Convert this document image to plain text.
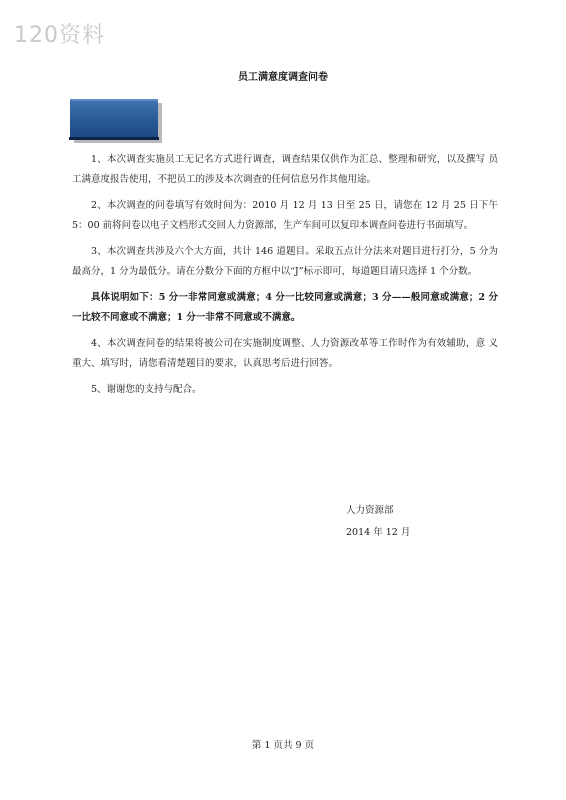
120资料
员工满意度调查问卷

1、本次调查实施员工无记名方式进行调查，调查结果仅供作为汇总、整理和研究，以及撰写 员工满意度报告使用，不把员工的涉及本次调查的任何信息另作其他用途。

2、本次调查的问卷填写有效时间为：2010 月 12 月 13 日至 25 日，请您在 12 月 25 日下午 5：00 前将问卷以电子文档形式交回人力资源部，生产车间可以复印本调查问卷进行书面填写。

3、本次调查共涉及六个大方面，共计 146 道题目。采取五点计分法来对题目进行打分，5 分为最高分，1 分为最低分。请在分数分下面的方框中以“J”标示即可，每道题目请只选择 1 个分数。

具体说明如下：5 分一非常同意或满意；4 分一比较同意或满意；3 分——般同意或满意；2 分一比较不同意或不满意；1 分一非常不同意或不满意。

4、本次调查问卷的结果将被公司在实施制度调整、人力资源改革等工作时作为有效辅助，意 义重大、填写时，请您看清楚题目的要求，认真思考后进行回答。

5、谢谢您的支持与配合。

人力资源部
2014 年 12 月
第 1 页共 9 页
